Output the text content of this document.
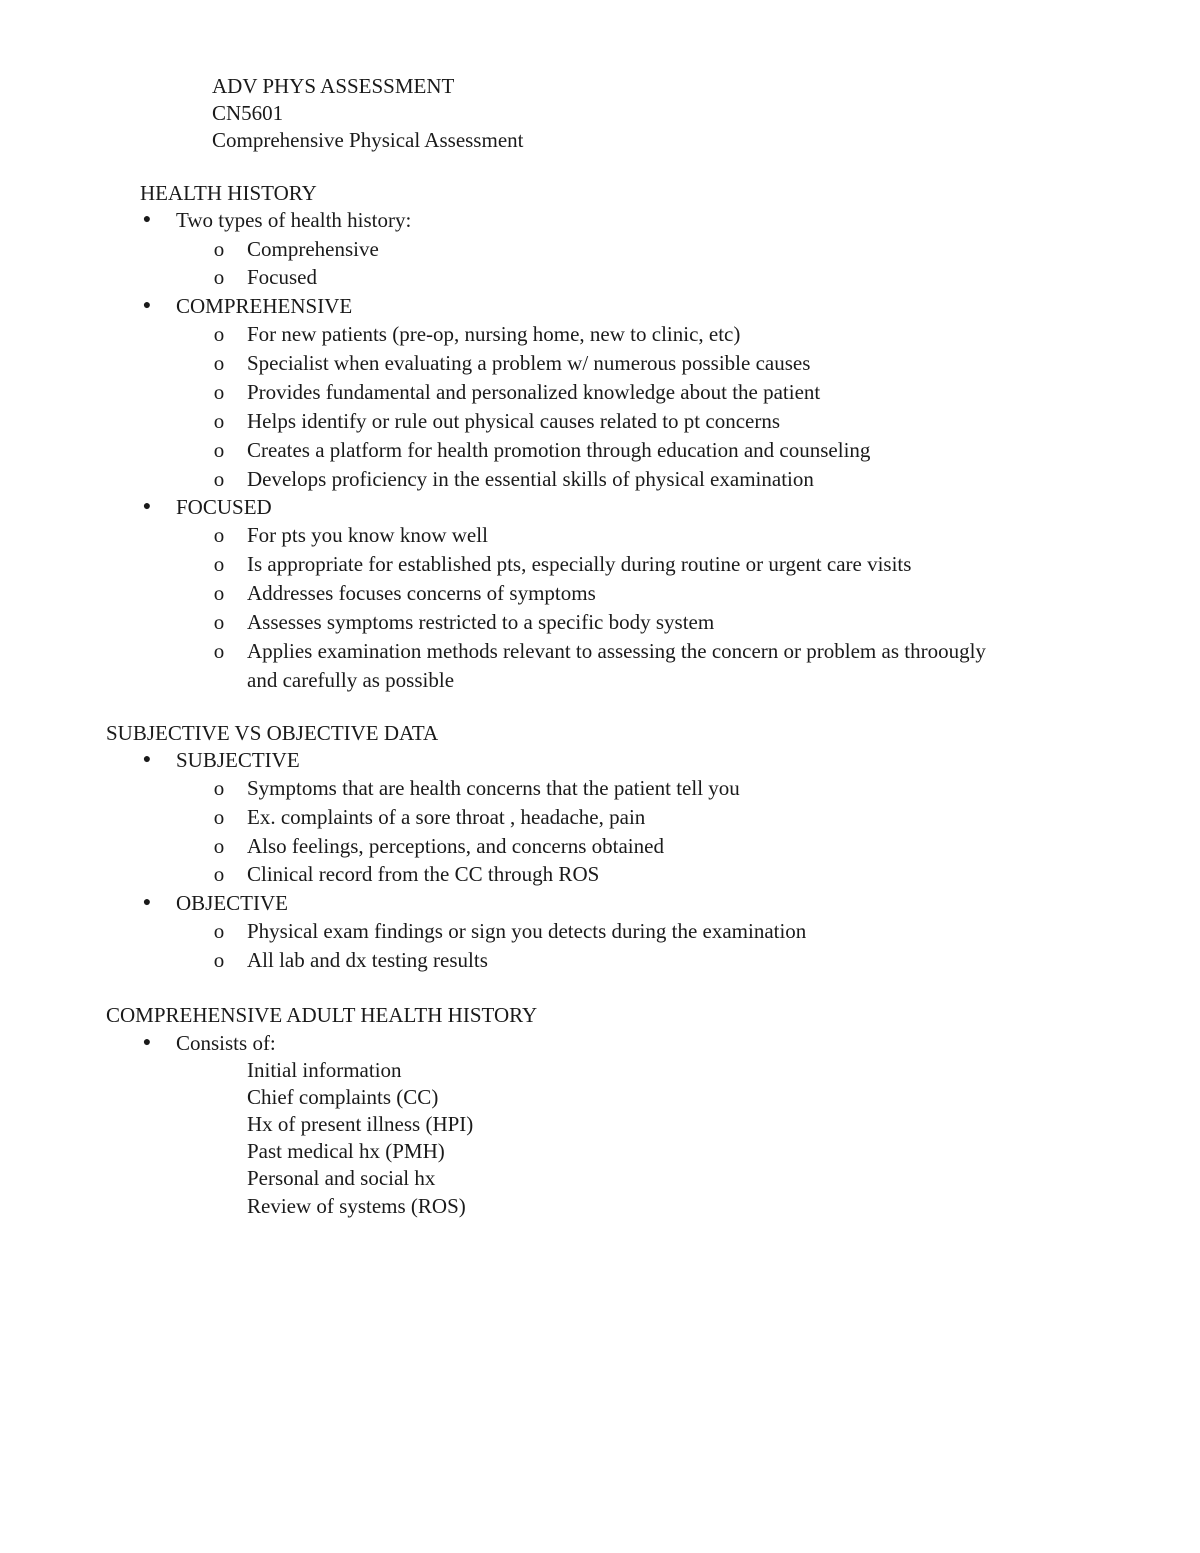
ADV PHYS ASSESSMENT
CN5601
Comprehensive Physical Assessment
HEALTH HISTORY
● Two types of health history:
o Comprehensive
o Focused
● COMPREHENSIVE
o For new patients (pre-op, nursing home, new to clinic, etc)
o Specialist when evaluating a problem w/ numerous possible causes
o Provides fundamental and personalized knowledge about the patient
o Helps identify or rule out physical causes related to pt concerns
o Creates a platform for health promotion through education and counseling
o Develops proficiency in the essential skills of physical examination
● FOCUSED
o For pts you know know well
o Is appropriate for established pts, especially during routine or urgent care visits
o Addresses focuses concerns of symptoms
o Assesses symptoms restricted to a specific body system
o Applies examination methods relevant to assessing the concern or problem as throougly
and carefully as possible
SUBJECTIVE VS OBJECTIVE DATA
● SUBJECTIVE
o Symptoms that are health concerns that the patient tell you
o Ex. complaints of a sore throat , headache, pain
o Also feelings, perceptions, and concerns obtained
o Clinical record from the CC through ROS
● OBJECTIVE
o Physical exam findings or sign you detects during the examination
o All lab and dx testing results
COMPREHENSIVE ADULT HEALTH HISTORY
● Consists of:
Initial information
Chief complaints (CC)
Hx of present illness (HPI)
Past medical hx (PMH)
Personal and social hx
Review of systems (ROS)
